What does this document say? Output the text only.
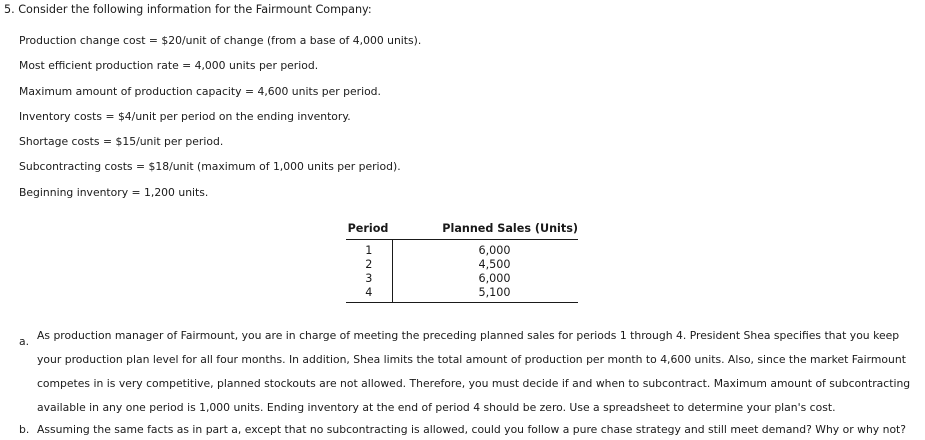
5. Consider the following information for the Fairmount Company:
Production change cost = $20/unit of change (from a base of 4,000 units).
Most efficient production rate = 4,000 units per period.
Maximum amount of production capacity = 4,600 units per period.
Inventory costs = $4/unit per period on the ending inventory.
Shortage costs = $15/unit per period.
Subcontracting costs = $18/unit (maximum of 1,000 units per period).
Beginning inventory = 1,200 units.
Period	Planned Sales (Units)
1	6,000
2	4,500
3	6,000
4	5,100
a. As production manager of Fairmount, you are in charge of meeting the preceding planned sales for periods 1 through 4. President Shea specifies that you keep your production plan level for all four months. In addition, Shea limits the total amount of production per month to 4,600 units. Also, since the market Fairmount competes in is very competitive, planned stockouts are not allowed. Therefore, you must decide if and when to subcontract. Maximum amount of subcontracting available in any one period is 1,000 units. Ending inventory at the end of period 4 should be zero. Use a spreadsheet to determine your plan's cost.
b. Assuming the same facts as in part a, except that no subcontracting is allowed, could you follow a pure chase strategy and still meet demand? Why or why not?
